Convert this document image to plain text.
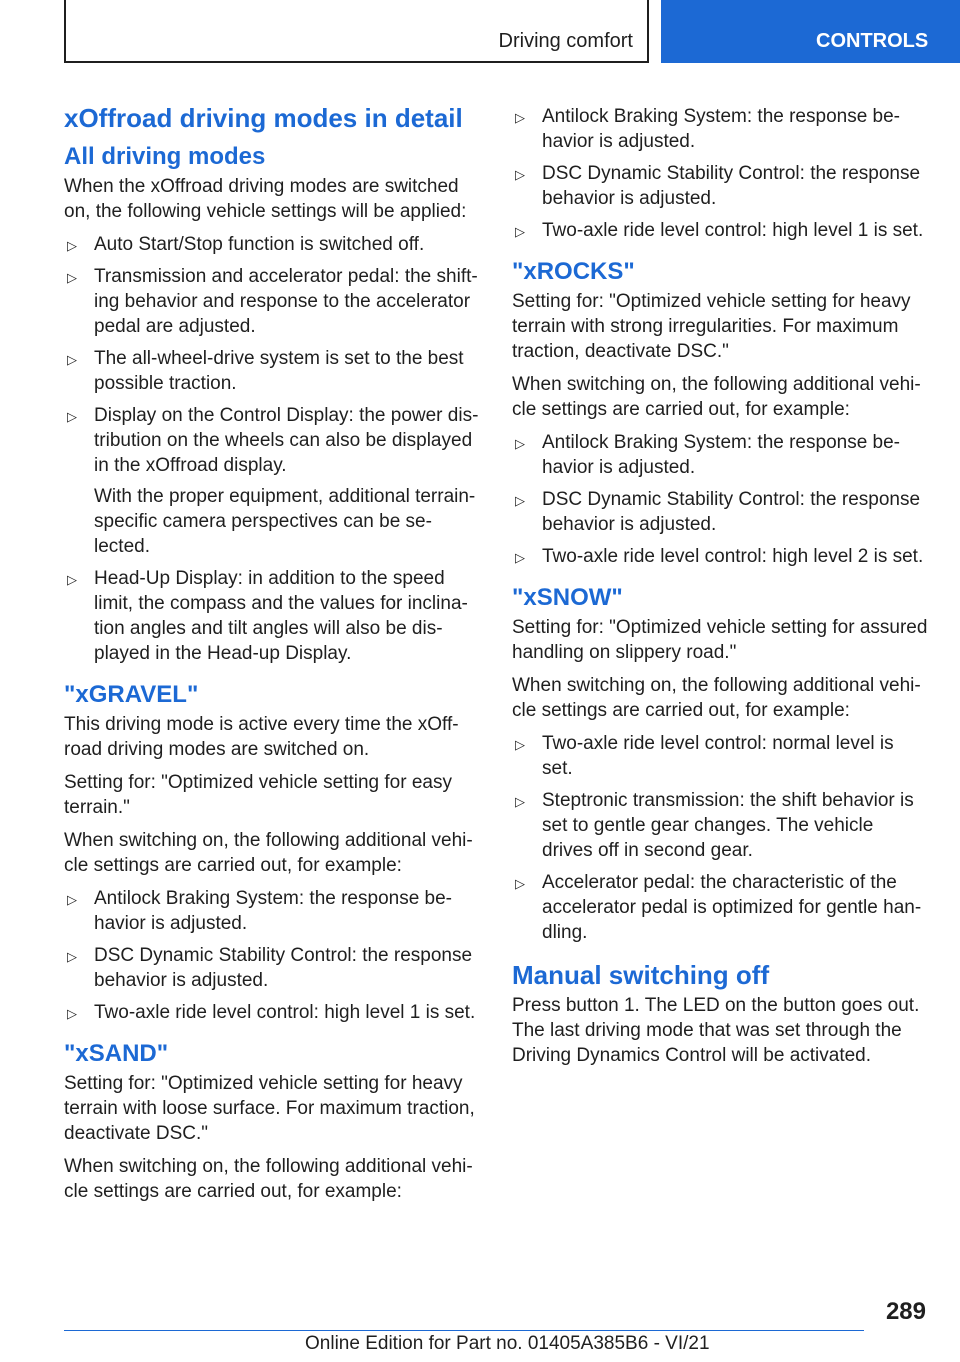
Driving comfort	CONTROLS
xOffroad driving modes in detail
All driving modes

When the xOffroad driving modes are switched on, the following vehicle settings will be applied:

▷ Auto Start/Stop function is switched off.
▷ Transmission and accelerator pedal: the shift‐ing behavior and response to the accelerator pedal are adjusted.
▷ The all-wheel-drive system is set to the best possible traction.
▷ Display on the Control Display: the power dis‐tribution on the wheels can also be displayed in the xOffroad display.

With the proper equipment, additional terrain-specific camera perspectives can be se‐lected.

▷ Head-Up Display: in addition to the speed limit, the compass and the values for inclina‐tion angles and tilt angles will also be dis‐played in the Head-up Display.
"xGRAVEL"

This driving mode is active every time the xOff‐road driving modes are switched on.

Setting for: "Optimized vehicle setting for easy terrain."

When switching on, the following additional vehi‐cle settings are carried out, for example:

▷ Antilock Braking System: the response be‐havior is adjusted.
▷ DSC Dynamic Stability Control: the response behavior is adjusted.
▷ Two-axle ride level control: high level 1 is set.
"xSAND"

Setting for: "Optimized vehicle setting for heavy terrain with loose surface. For maximum traction, deactivate DSC."

When switching on, the following additional vehi‐cle settings are carried out, for example:

▷ Antilock Braking System: the response be‐havior is adjusted.
▷ DSC Dynamic Stability Control: the response behavior is adjusted.
▷ Two-axle ride level control: high level 1 is set.
"xROCKS"

Setting for: "Optimized vehicle setting for heavy terrain with strong irregularities. For maximum traction, deactivate DSC."

When switching on, the following additional vehi‐cle settings are carried out, for example:

▷ Antilock Braking System: the response be‐havior is adjusted.
▷ DSC Dynamic Stability Control: the response behavior is adjusted.
▷ Two-axle ride level control: high level 2 is set.
"xSNOW"

Setting for: "Optimized vehicle setting for assured handling on slippery road."

When switching on, the following additional vehi‐cle settings are carried out, for example:

▷ Two-axle ride level control: normal level is set.
▷ Steptronic transmission: the shift behavior is set to gentle gear changes. The vehicle drives off in second gear.
▷ Accelerator pedal: the characteristic of the accelerator pedal is optimized for gentle han‐dling.
Manual switching off

Press button 1. The LED on the button goes out. The last driving mode that was set through the Driving Dynamics Control will be activated.

289
Online Edition for Part no. 01405A385B6 - VI/21
